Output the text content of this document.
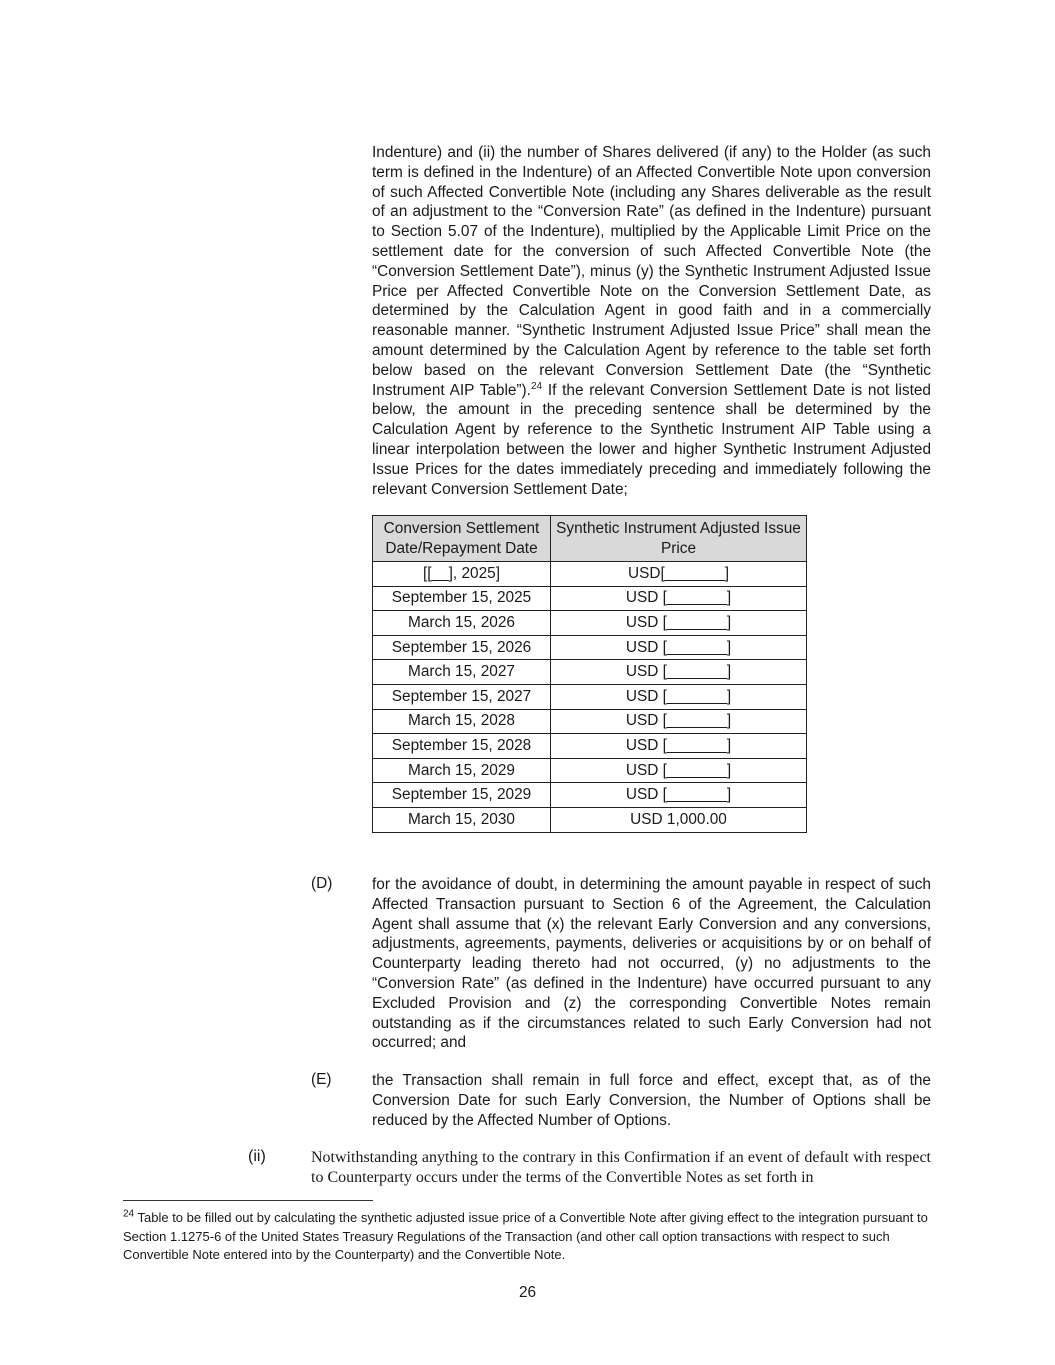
Indenture) and (ii) the number of Shares delivered (if any) to the Holder (as such term is defined in the Indenture) of an Affected Convertible Note upon conversion of such Affected Convertible Note (including any Shares deliverable as the result of an adjustment to the “Conversion Rate” (as defined in the Indenture) pursuant to Section 5.07 of the Indenture), multiplied by the Applicable Limit Price on the settlement date for the conversion of such Affected Convertible Note (the “Conversion Settlement Date”), minus (y) the Synthetic Instrument Adjusted Issue Price per Affected Convertible Note on the Conversion Settlement Date, as determined by the Calculation Agent in good faith and in a commercially reasonable manner. “Synthetic Instrument Adjusted Issue Price” shall mean the amount determined by the Calculation Agent by reference to the table set forth below based on the relevant Conversion Settlement Date (the “Synthetic Instrument AIP Table”).$^{24}$ If the relevant Conversion Settlement Date is not listed below, the amount in the preceding sentence shall be determined by the Calculation Agent by reference to the Synthetic Instrument AIP Table using a linear interpolation between the lower and higher Synthetic Instrument Adjusted Issue Prices for the dates immediately preceding and immediately following the relevant Conversion Settlement Date;

Conversion Settlement Date/Repayment Date	Synthetic Instrument Adjusted Issue Price
[[__], 2025]	USD[_______]
September 15, 2025	USD [_______]
March 15, 2026	USD [_______]
September 15, 2026	USD [_______]
March 15, 2027	USD [_______]
September 15, 2027	USD [_______]
March 15, 2028	USD [_______]
September 15, 2028	USD [_______]
March 15, 2029	USD [_______]
September 15, 2029	USD [_______]
March 15, 2030	USD 1,000.00
(D)	for the avoidance of doubt, in determining the amount payable in respect of such Affected Transaction pursuant to Section 6 of the Agreement, the Calculation Agent shall assume that (x) the relevant Early Conversion and any conversions, adjustments, agreements, payments, deliveries or acquisitions by or on behalf of Counterparty leading thereto had not occurred, (y) no adjustments to the “Conversion Rate” (as defined in the Indenture) have occurred pursuant to any Excluded Provision and (z) the corresponding Convertible Notes remain outstanding as if the circumstances related to such Early Conversion had not occurred; and

(E)	the Transaction shall remain in full force and effect, except that, as of the Conversion Date for such Early Conversion, the Number of Options shall be reduced by the Affected Number of Options.

(ii)	Notwithstanding anything to the contrary in this Confirmation if an event of default with respect to Counterparty occurs under the terms of the Convertible Notes as set forth in

$^{24}$ Table to be filled out by calculating the synthetic adjusted issue price of a Convertible Note after giving effect to the integration pursuant to Section 1.1275-6 of the United States Treasury Regulations of the Transaction (and other call option transactions with respect to such Convertible Note entered into by the Counterparty) and the Convertible Note.

26
